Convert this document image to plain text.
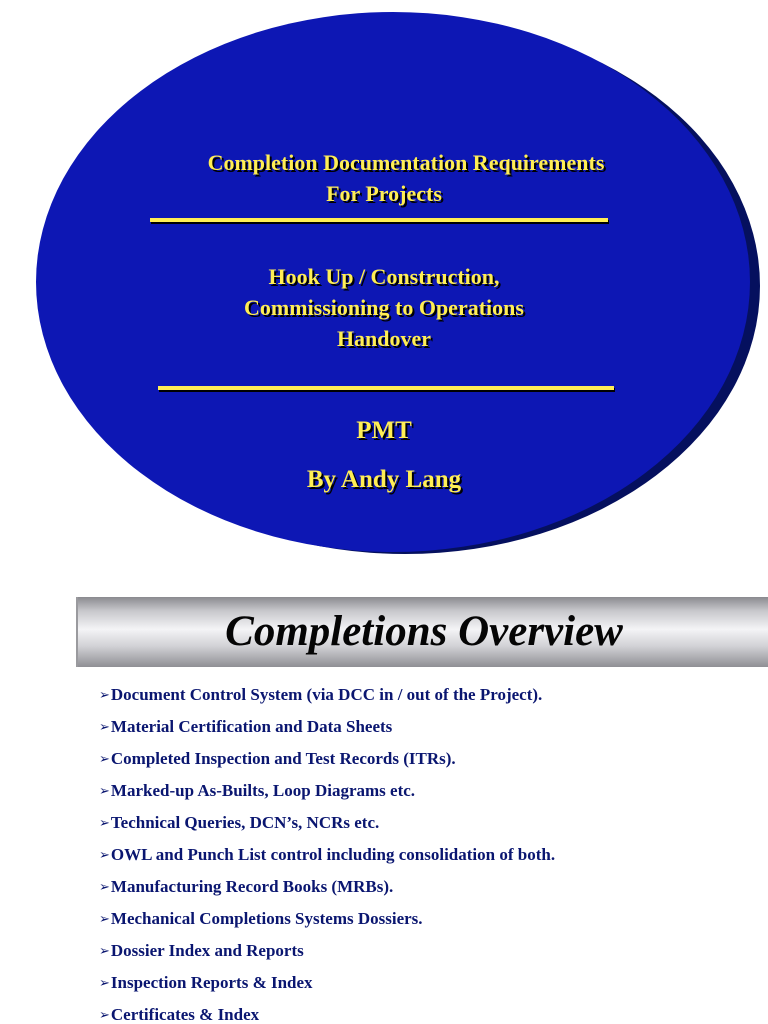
Completion Documentation Requirements

For Projects

Hook Up / Construction,
Commissioning to Operations
Handover

PMT

By Andy Lang

Completions Overview
➢Document Control System (via DCC in / out of the Project).
➢Material Certification and Data Sheets
➢Completed Inspection and Test Records (ITRs).
➢Marked-up As-Builts, Loop Diagrams etc.
➢Technical Queries, DCN’s, NCRs etc.
➢OWL and Punch List control including consolidation of both.
➢Manufacturing Record Books (MRBs).
➢Mechanical Completions Systems Dossiers.
➢Dossier Index and Reports
➢Inspection Reports & Index
➢Certificates & Index
